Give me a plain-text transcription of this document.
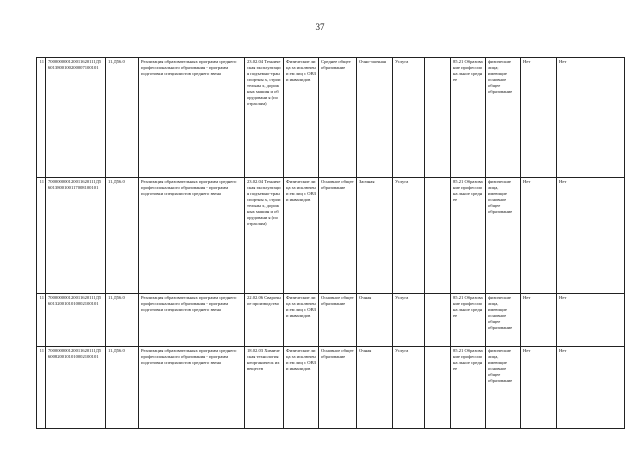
37
11	700000000120011620111Д56013800100200007100101	11.Д56.0	Реализация образовательных программ среднего профессионального образования - программ подготовки специалистов среднего звена	23.02.04 Техническая эксплуатация подъемно-транспортны х, строительны х, дорожных машин и оборудовани я (по отраслям)	Физические лица за исключени ем лиц с ОВЗ и инвалидов	Среднее общее образование	Очно-заочная	Услуга		85.21 Образование профессиона льное среднее	физические лица; имеющие основное общее образование	Нет	Нет
11	700000000120011620111Д56013800100117008100101	11.Д56.0	Реализация образовательных программ среднего профессионального образования - программ подготовки специалистов среднего звена	23.02.04 Техническая эксплуатация подъемно-транспортны х, строительны х, дорожных машин и оборудовани я (по отраслям)	Физические лица за исключени ем лиц с ОВЗ и инвалидов	Основное общее образование	Заочная	Услуга		85.21 Образование профессиона льное среднее	физические лица, имеющие основное общее образование	Нет	Нет
11	700000000120011620111Д56013200101010002100101	11.Д56.0	Реализация образовательных программ среднего профессионального образования - программ подготовки специалистов среднего звена	22.02.06 Сварочное производство	Физические лица за исключени ем лиц с ОВЗ и инвалидов	Основное общее образование	Очная	Услуга		85.21 Образование профессиона льное среднее	физические лица, имеющие основное общее образование	Нет	Нет
11	700000000120011620111Д56008200101010002100101	11.Д56.0	Реализация образовательных программ среднего профессионального образования - программ подготовки специалистов среднего звена	18.02.03 Химическая технология неорганическ их веществ	Физические лица за исключени ем лиц с ОВЗ и инвалидов	Основное общее образование	Очная	Услуга		85.21 Образование профессиона льное среднее	физические лица, имеющие основное общее образование	Нет	Нет
